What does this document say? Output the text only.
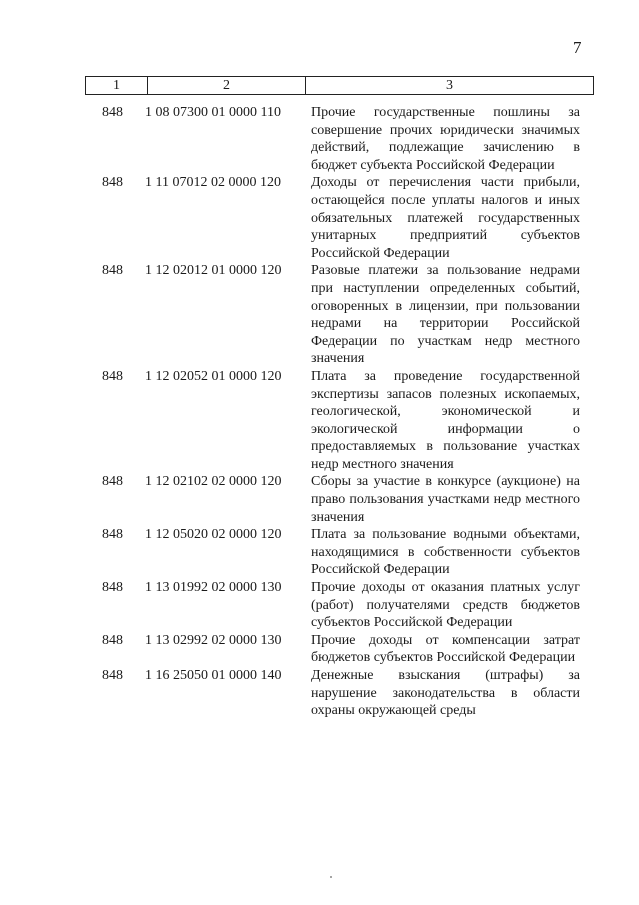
7
1	2	3
848	1 08 07300 01 0000 110	Прочие государственные пошлины за совершение прочих юридически значимых действий, подлежащие зачислению в бюджет субъекта Российской Федерации
848	1 11 07012 02 0000 120	Доходы от перечисления части прибыли, остающейся после уплаты налогов и иных обязательных платежей государственных унитарных предприятий субъектов Российской Федерации
848	1 12 02012 01 0000 120	Разовые платежи за пользование недрами при наступлении определенных событий, оговоренных в лицензии, при пользовании недрами на территории Российской Федерации по участкам недр местного значения
848	1 12 02052 01 0000 120	Плата за проведение государственной экспертизы запасов полезных ископаемых, геологической, экономической и экологической информации о предоставляемых в пользование участках недр местного значения
848	1 12 02102 02 0000 120	Сборы за участие в конкурсе (аукционе) на право пользования участками недр местного значения
848	1 12 05020 02 0000 120	Плата за пользование водными объектами, находящимися в собственности субъектов Российской Федерации
848	1 13 01992 02 0000 130	Прочие доходы от оказания платных услуг (работ) получателями средств бюджетов субъектов Российской Федерации
848	1 13 02992 02 0000 130	Прочие доходы от компенсации затрат бюджетов субъектов Российской Федерации
848	1 16 25050 01 0000 140	Денежные взыскания (штрафы) за нарушение законодательства в области охраны окружающей среды
